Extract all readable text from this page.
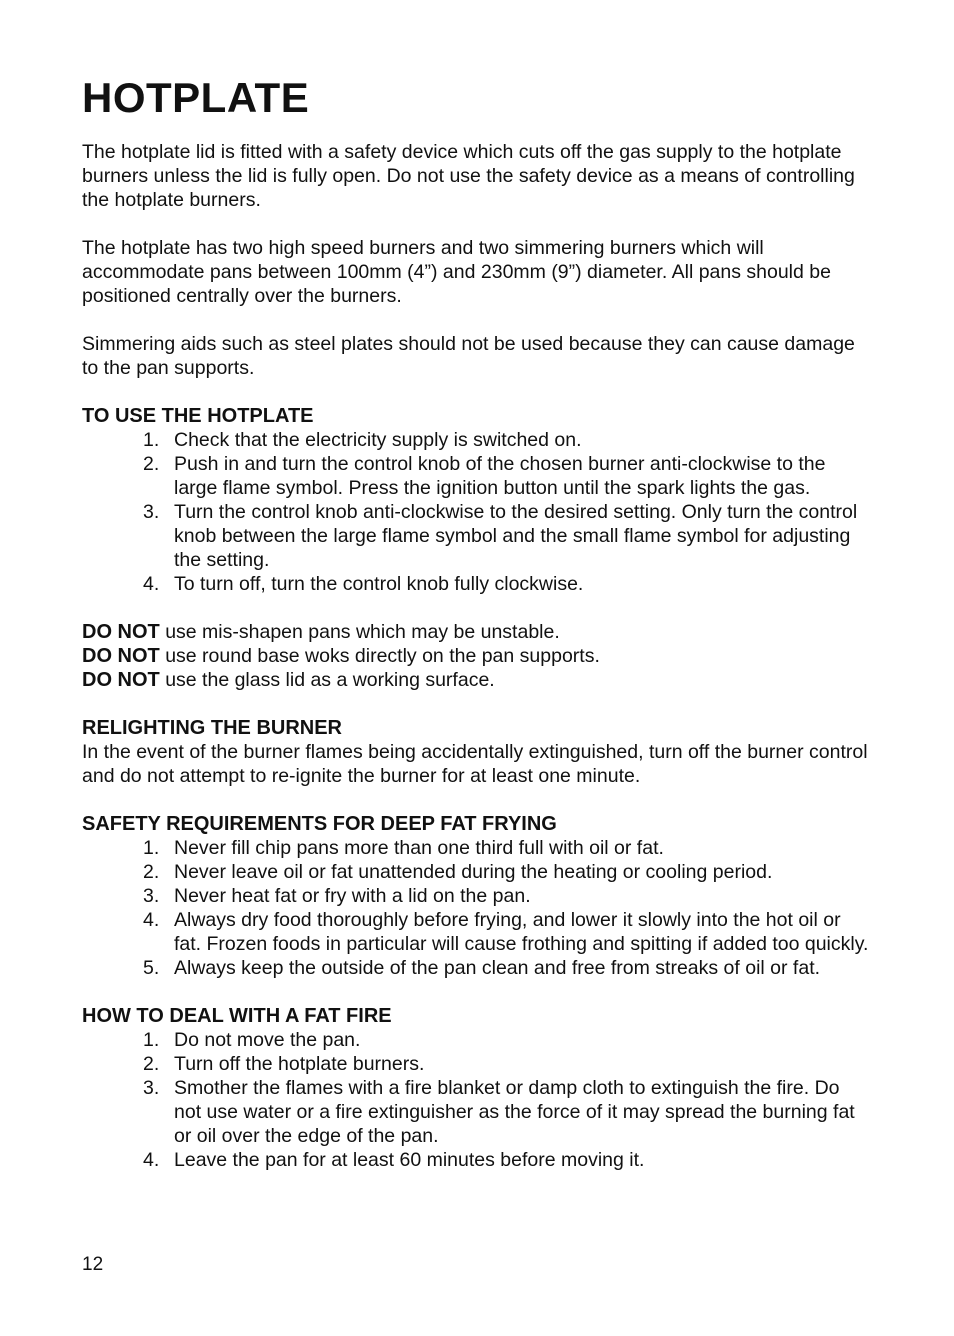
HOTPLATE

The hotplate lid is fitted with a safety device which cuts off the gas supply to the hotplate burners unless the lid is fully open. Do not use the safety device as a means of controlling the hotplate burners.

The hotplate has two high speed burners and two simmering burners which will accommodate pans between 100mm (4”) and 230mm (9”) diameter. All pans should be positioned centrally over the burners.

Simmering aids such as steel plates should not be used because they can cause damage to the pan supports.

TO USE THE HOTPLATE
1. Check that the electricity supply is switched on.
2. Push in and turn the control knob of the chosen burner anti-clockwise to the large flame symbol. Press the ignition button until the spark lights the gas.
3. Turn the control knob anti-clockwise to the desired setting. Only turn the control knob between the large flame symbol and the small flame symbol for adjusting the setting.
4. To turn off, turn the control knob fully clockwise.
DO NOT use mis-shapen pans which may be unstable.
DO NOT use round base woks directly on the pan supports.
DO NOT use the glass lid as a working surface.
RELIGHTING THE BURNER

In the event of the burner flames being accidentally extinguished, turn off the burner control and do not attempt to re-ignite the burner for at least one minute.

SAFETY REQUIREMENTS FOR DEEP FAT FRYING
1. Never fill chip pans more than one third full with oil or fat.
2. Never leave oil or fat unattended during the heating or cooling period.
3. Never heat fat or fry with a lid on the pan.
4. Always dry food thoroughly before frying, and lower it slowly into the hot oil or fat. Frozen foods in particular will cause frothing and spitting if added too quickly.
5. Always keep the outside of the pan clean and free from streaks of oil or fat.
HOW TO DEAL WITH A FAT FIRE
1. Do not move the pan.
2. Turn off the hotplate burners.
3. Smother the flames with a fire blanket or damp cloth to extinguish the fire. Do not use water or a fire extinguisher as the force of it may spread the burning fat or oil over the edge of the pan.
4. Leave the pan for at least 60 minutes before moving it.
12
